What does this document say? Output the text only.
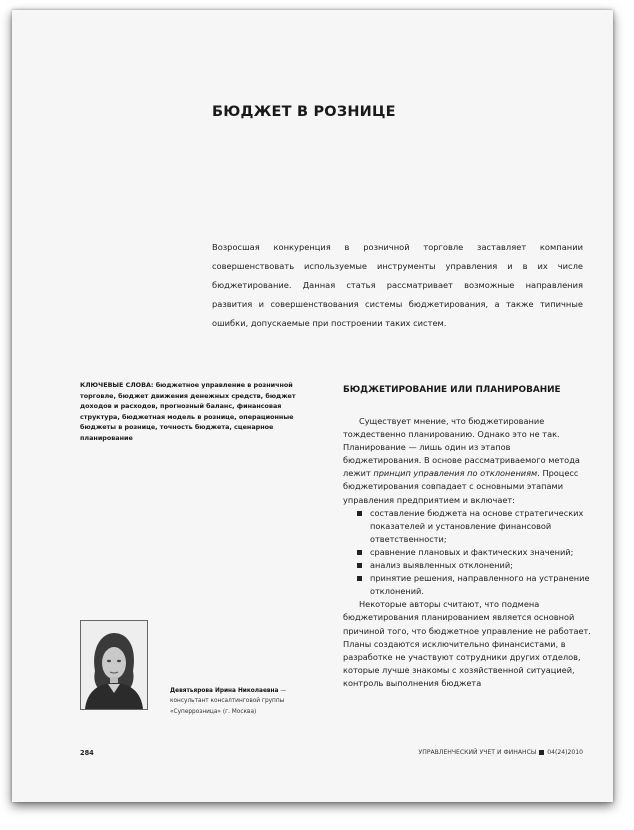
БЮДЖЕТ В РОЗНИЦЕ

Возросшая конкуренция в розничной торговле заставляет компании совершенствовать используемые инструменты управления и в их числе бюджетирование. Данная статья рассматривает возможные направления развития и совершенствования системы бюджетирования, а также типичные ошибки, допускаемые при построении таких систем.

КЛЮЧЕВЫЕ СЛОВА: бюджетное управление в розничной торговле, бюджет движения денежных средств, бюджет доходов и расходов, прогнозный баланс, финансовая структура, бюджетная модель в рознице, операционные бюджеты в рознице, точность бюджета, сценарное планирование

БЮДЖЕТИРОВАНИЕ ИЛИ ПЛАНИРОВАНИЕ

Существует мнение, что бюджетирование тождественно планированию. Однако это не так. Планирование — лишь один из этапов бюджетирования. В основе рассматриваемого метода лежит принцип управления по отклонениям. Процесс бюджетирования совпадает с основными этапами управления предприятием и включает:

составление бюджета на основе стратегических показателей и установление финансовой ответственности;
сравнение плановых и фактических значений;
анализ выявленных отклонений;
принятие решения, направленного на устранение отклонений.

Некоторые авторы считают, что подмена бюджетирования планированием является основной причиной того, что бюджетное управление не работает. Планы создаются исключительно финансистами, в разработке не участвуют сотрудники других отделов, которые лучше знакомы с хозяйственной ситуацией, контроль выполнения бюджета

Девятьярова Ирина Николаевна — консультант консалтинговой группы «Суперрозница» (г. Москва)

284	УПРАВЛЕНЧЕСКИЙ УЧЕТ И ФИНАНСЫ 04(24)2010
